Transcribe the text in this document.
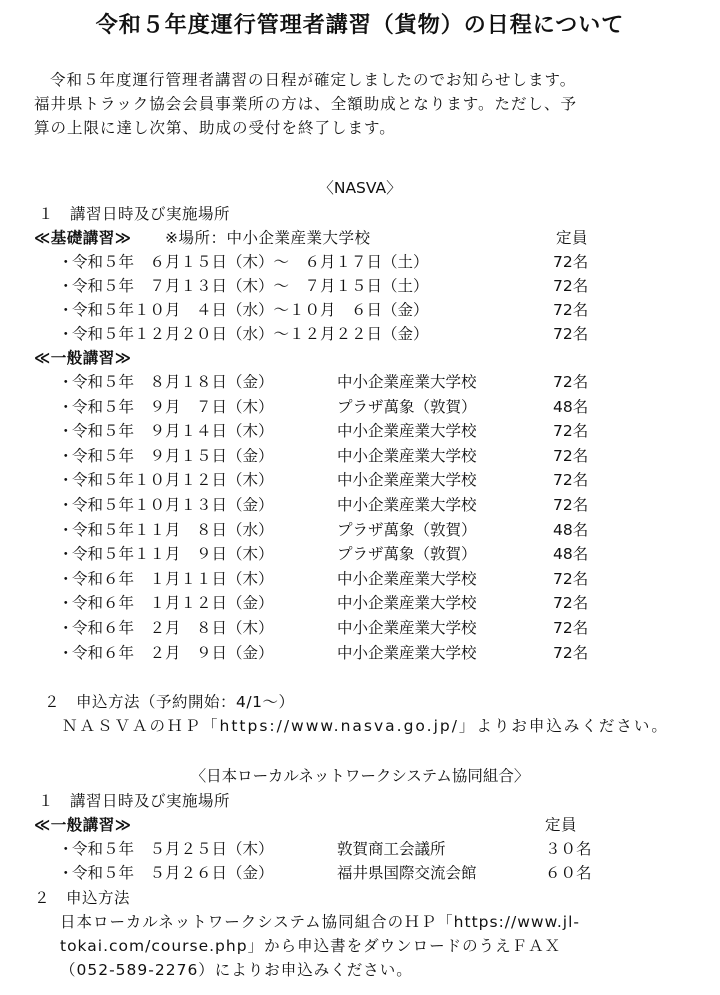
令和５年度運行管理者講習（貨物）の日程について
令和５年度運行管理者講習の日程が確定しましたのでお知らせします。
福井県トラック協会会員事業所の方は、全額助成となります。ただし、予
算の上限に達し次第、助成の受付を終了します。
〈NASVA〉
１　講習日時及び実施場所
≪基礎講習≫ ※場所：中小企業産業大学校	定員
・
令和５年　６月１５日（木）～　６月１７日（土）	72名
・
令和５年　７月１３日（木）～　７月１５日（土）	72名
・
令和５年１０月　４日（水）～１０月　６日（金）	72名
・
令和５年１２月２０日（水）～１２月２２日（金）	72名
≪一般講習≫
・
令和５年　８月１８日（金）	中小企業産業大学校	72名
・
令和５年　９月　７日（木）	プラザ萬象（敦賀）	48名
・
令和５年　９月１４日（木）	中小企業産業大学校	72名
・
令和５年　９月１５日（金）	中小企業産業大学校	72名
・
令和５年１０月１２日（木）	中小企業産業大学校	72名
・
令和５年１０月１３日（金）	中小企業産業大学校	72名
・
令和５年１１月　８日（水）	プラザ萬象（敦賀）	48名
・
令和５年１１月　９日（木）	プラザ萬象（敦賀）	48名
・
令和６年　１月１１日（木）	中小企業産業大学校	72名
・
令和６年　１月１２日（金）	中小企業産業大学校	72名
・
令和６年　２月　８日（木）	中小企業産業大学校	72名
・
令和６年　２月　９日（金）	中小企業産業大学校	72名
２　申込方法（予約開始：4/1～）
ＮＡＳＶＡのＨＰ「https://www.nasva.go.jp/」よりお申込みください。
〈日本ローカルネットワークシステム協同組合〉
１　講習日時及び実施場所
≪一般講習≫	定員
・
令和５年　５月２５日（木）	敦賀商工会議所	３０名
・
令和５年　５月２６日（金）	福井県国際交流会館	６０名
２　申込方法
日本ローカルネットワークシステム協同組合のＨＰ「https://www.jl-
tokai.com/course.php」から申込書をダウンロードのうえＦＡＸ
（052-589-2276）によりお申込みください。
